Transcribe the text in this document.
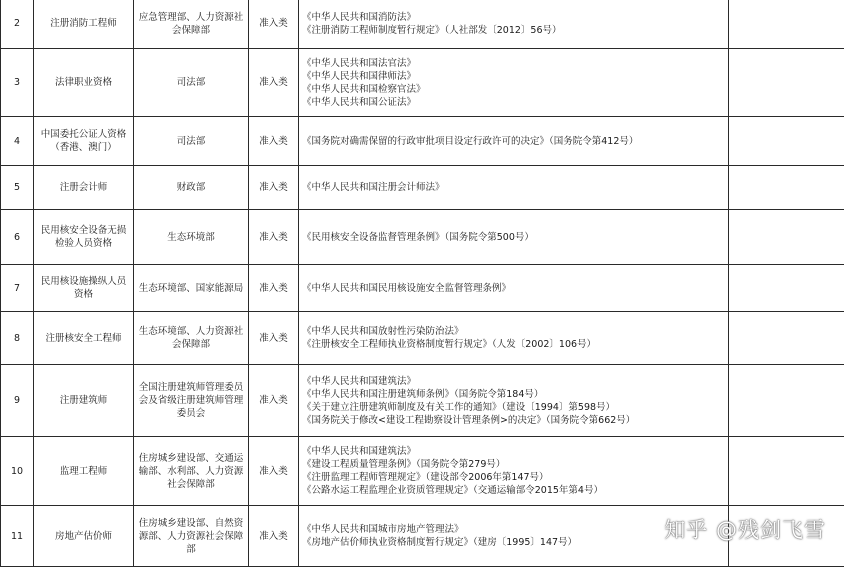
2	注册消防工程师	应急管理部、人力资源社会保障部	准入类	《中华人民共和国消防法》
《注册消防工程师制度暂行规定》（人社部发〔2012〕56号）	

3	法律职业资格	司法部	准入类	《中华人民共和国法官法》
《中华人民共和国律师法》
《中华人民共和国检察官法》
《中华人民共和国公证法》	

4	中国委托公证人资格（香港、澳门）	司法部	准入类	《国务院对确需保留的行政审批项目设定行政许可的决定》（国务院令第412号）	

5	注册会计师	财政部	准入类	《中华人民共和国注册会计师法》	

6	民用核安全设备无损检验人员资格	生态环境部	准入类	《民用核安全设备监督管理条例》（国务院令第500号）	

7	民用核设施操纵人员资格	生态环境部、国家能源局	准入类	《中华人民共和国民用核设施安全监督管理条例》	

8	注册核安全工程师	生态环境部、人力资源社会保障部	准入类	《中华人民共和国放射性污染防治法》
《注册核安全工程师执业资格制度暂行规定》（人发〔2002〕106号）	

9	注册建筑师	全国注册建筑师管理委员会及省级注册建筑师管理委员会	准入类	《中华人民共和国建筑法》
《中华人民共和国注册建筑师条例》（国务院令第184号）
《关于建立注册建筑师制度及有关工作的通知》（建设〔1994〕第598号）
《国务院关于修改<建设工程勘察设计管理条例>的决定》（国务院令第662号）	

10	监理工程师	住房城乡建设部、交通运输部、水利部、人力资源社会保障部	准入类	《中华人民共和国建筑法》
《建设工程质量管理条例》（国务院令第279号）
《注册监理工程师管理规定》（建设部令2006年第147号）
《公路水运工程监理企业资质管理规定》（交通运输部令2015年第4号）	

11	房地产估价师	住房城乡建设部、自然资源部、人力资源社会保障部	准入类	《中华人民共和国城市房地产管理法》
《房地产估价师执业资格制度暂行规定》（建房〔1995〕147号）	

知乎 @残剑飞雪
